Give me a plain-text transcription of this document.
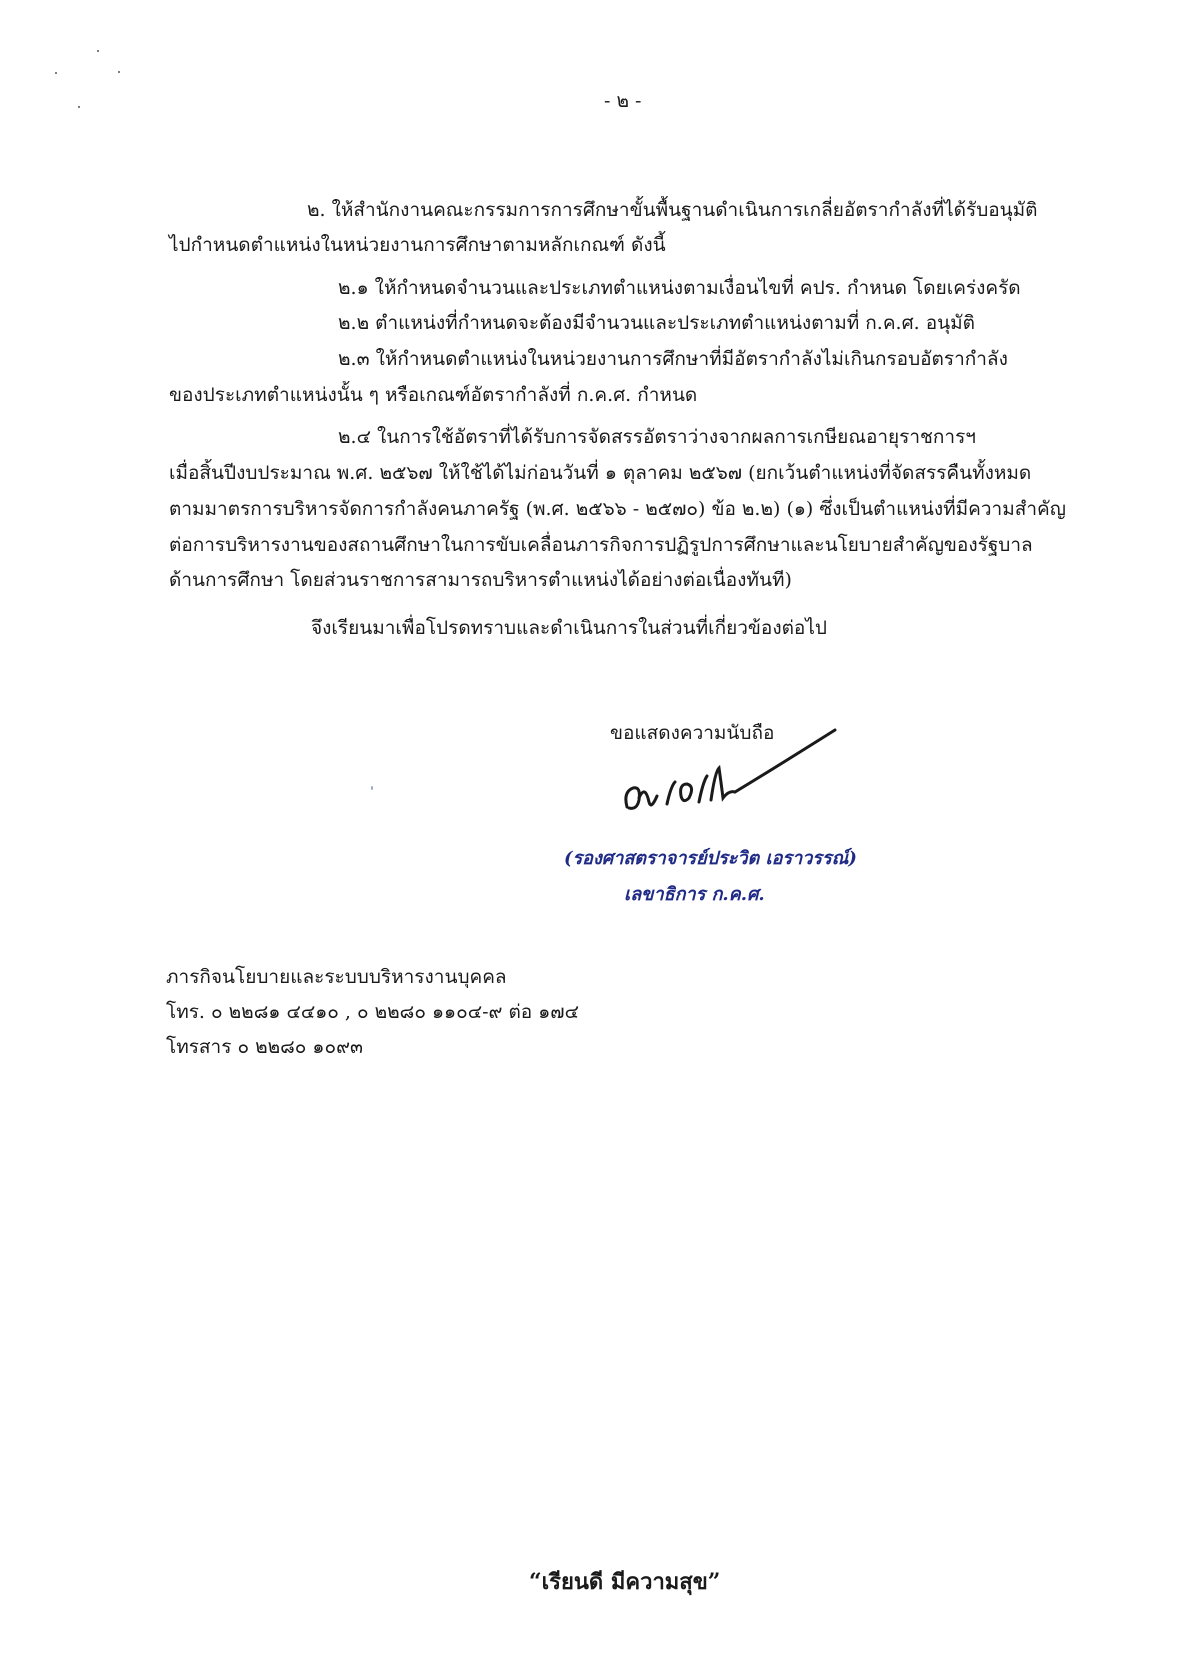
- ๒ -
๒. ให้สำนักงานคณะกรรมการการศึกษาขั้นพื้นฐานดำเนินการเกลี่ยอัตรากำลังที่ได้รับอนุมัติ
ไปกำหนดตำแหน่งในหน่วยงานการศึกษาตามหลักเกณฑ์ ดังนี้
๒.๑ ให้กำหนดจำนวนและประเภทตำแหน่งตามเงื่อนไขที่ คปร. กำหนด โดยเคร่งครัด
๒.๒ ตำแหน่งที่กำหนดจะต้องมีจำนวนและประเภทตำแหน่งตามที่ ก.ค.ศ. อนุมัติ
๒.๓ ให้กำหนดตำแหน่งในหน่วยงานการศึกษาที่มีอัตรากำลังไม่เกินกรอบอัตรากำลัง
ของประเภทตำแหน่งนั้น ๆ หรือเกณฑ์อัตรากำลังที่ ก.ค.ศ. กำหนด
๒.๔ ในการใช้อัตราที่ได้รับการจัดสรรอัตราว่างจากผลการเกษียณอายุราชการฯ
เมื่อสิ้นปีงบประมาณ พ.ศ. ๒๕๖๗ ให้ใช้ได้ไม่ก่อนวันที่ ๑ ตุลาคม ๒๕๖๗ (ยกเว้นตำแหน่งที่จัดสรรคืนทั้งหมด
ตามมาตรการบริหารจัดการกำลังคนภาครัฐ (พ.ศ. ๒๕๖๖ - ๒๕๗๐) ข้อ ๒.๒) (๑) ซึ่งเป็นตำแหน่งที่มีความสำคัญ
ต่อการบริหารงานของสถานศึกษาในการขับเคลื่อนภารกิจการปฏิรูปการศึกษาและนโยบายสำคัญของรัฐบาล
ด้านการศึกษา โดยส่วนราชการสามารถบริหารตำแหน่งได้อย่างต่อเนื่องทันที)
จึงเรียนมาเพื่อโปรดทราบและดำเนินการในส่วนที่เกี่ยวข้องต่อไป
ขอแสดงความนับถือ
(รองศาสตราจารย์ประวิต เอราวรรณ์)
เลขาธิการ ก.ค.ศ.
ภารกิจนโยบายและระบบบริหารงานบุคคล
โทร. ๐ ๒๒๘๑ ๔๔๑๐ , ๐ ๒๒๘๐ ๑๑๐๔-๙ ต่อ ๑๗๔
โทรสาร ๐ ๒๒๘๐ ๑๐๙๓
“เรียนดี มีความสุข”
